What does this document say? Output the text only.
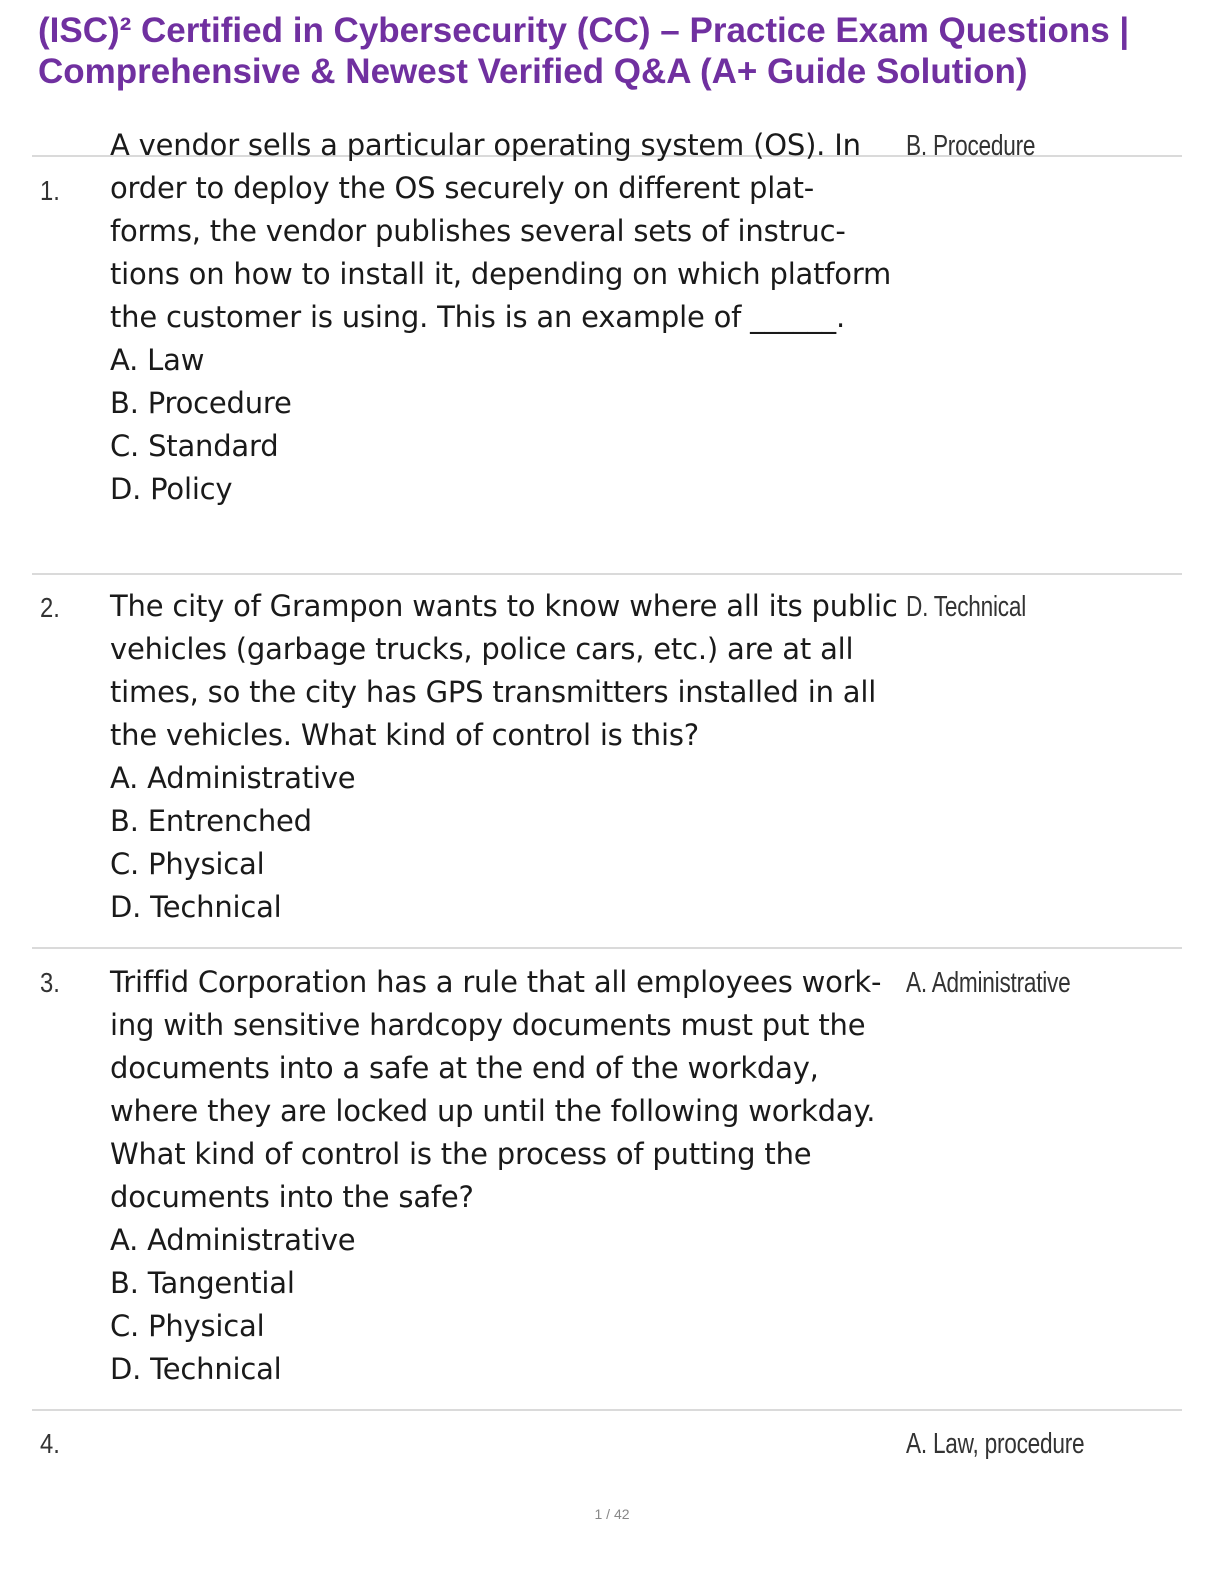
(ISC)² Certified in Cybersecurity (CC) – Practice Exam Questions |
Comprehensive & Newest Verified Q&A (A+ Guide Solution)
1.
A vendor sells a particular operating system (OS). In
order to deploy the OS securely on different plat-
forms, the vendor publishes several sets of instruc-
tions on how to install it, depending on which platform
the customer is using. This is an example of ______.
A. Law
B. Procedure
C. Standard
D. Policy
B. Procedure
2. The city of Grampon wants to know where all its public
vehicles (garbage trucks, police cars, etc.) are at all
times, so the city has GPS transmitters installed in all
the vehicles. What kind of control is this?
A. Administrative
B. Entrenched
C. Physical
D. Technical
D. Technical
3. Triffid Corporation has a rule that all employees work-
ing with sensitive hardcopy documents must put the
documents into a safe at the end of the workday,
where they are locked up until the following workday.
What kind of control is the process of putting the
documents into the safe?
A. Administrative
B. Tangential
C. Physical
D. Technical
A. Administrative
4.	A. Law, procedure
1 / 42
